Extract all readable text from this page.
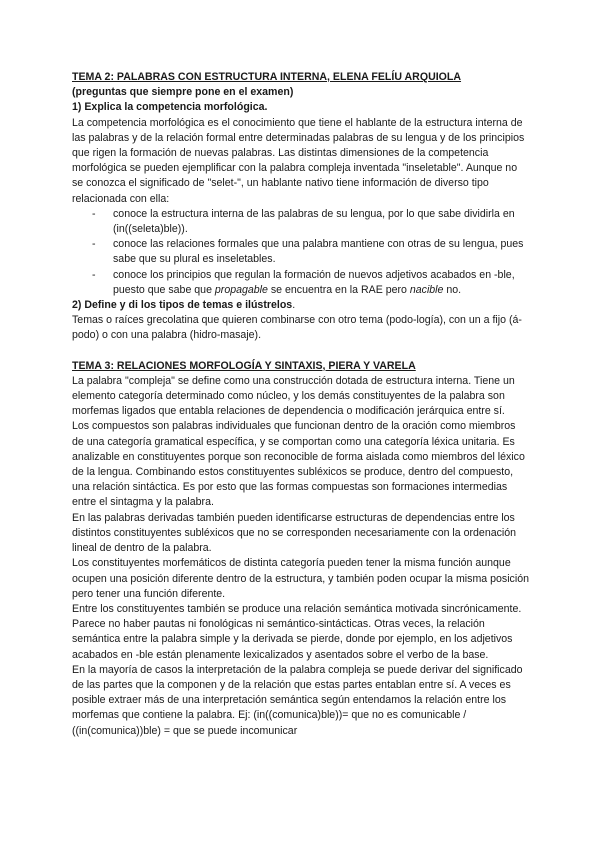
TEMA 2: PALABRAS CON ESTRUCTURA INTERNA, ELENA FELÍU ARQUIOLA

(preguntas que siempre pone en el examen)

1) Explica la competencia morfológica.

La competencia morfológica es el conocimiento que tiene el hablante de la estructura interna de las palabras y de la relación formal entre determinadas palabras de su lengua y de los principios que rigen la formación de nuevas palabras. Las distintas dimensiones de la competencia morfológica se pueden ejemplificar con la palabra compleja inventada "inseletable". Aunque no se conozca el significado de "selet-", un hablante nativo tiene información de diverso tipo relacionada con ella:

- conoce la estructura interna de las palabras de su lengua, por lo que sabe dividirla en (in((seleta)ble)).
- conoce las relaciones formales que una palabra mantiene con otras de su lengua, pues sabe que su plural es inseletables.
- conoce los principios que regulan la formación de nuevos adjetivos acabados en -ble, puesto que sabe que propagable se encuentra en la RAE pero nacible no.

2) Define y di los tipos de temas e ilústrelos.

Temas o raíces grecolatina que quieren combinarse con otro tema (podo-logía), con un a fijo (á-podo) o con una palabra (hidro-masaje).

TEMA 3: RELACIONES MORFOLOGÍA Y SINTAXIS, PIERA Y VARELA

La palabra "compleja" se define como una construcción dotada de estructura interna. Tiene un elemento categoría determinado como núcleo, y los demás constituyentes de la palabra son morfemas ligados que entabla relaciones de dependencia o modificación jerárquica entre sí.

Los compuestos son palabras individuales que funcionan dentro de la oración como miembros de una categoría gramatical específica, y se comportan como una categoría léxica unitaria. Es analizable en constituyentes porque son reconocible de forma aislada como miembros del léxico de la lengua. Combinando estos constituyentes subléxicos se produce, dentro del compuesto, una relación sintáctica. Es por esto que las formas compuestas son formaciones intermedias entre el sintagma y la palabra.

En las palabras derivadas también pueden identificarse estructuras de dependencias entre los distintos constituyentes subléxicos que no se corresponden necesariamente con la ordenación lineal de dentro de la palabra.

Los constituyentes morfemáticos de distinta categoría pueden tener la misma función aunque ocupen una posición diferente dentro de la estructura, y también poden ocupar la misma posición pero tener una función diferente.

Entre los constituyentes también se produce una relación semántica motivada sincrónicamente.

Parece no haber pautas ni fonológicas ni semántico-sintácticas. Otras veces, la relación semántica entre la palabra simple y la derivada se pierde, donde por ejemplo, en los adjetivos acabados en -ble están plenamente lexicalizados y asentados sobre el verbo de la base.

En la mayoría de casos la interpretación de la palabra compleja se puede derivar del significado de las partes que la componen y de la relación que estas partes entablan entre sí. A veces es posible extraer más de una interpretación semántica según entendamos la relación entre los morfemas que contiene la palabra. Ej: (in((comunica)ble))= que no es comunicable / ((in(comunica))ble) = que se puede incomunicar
